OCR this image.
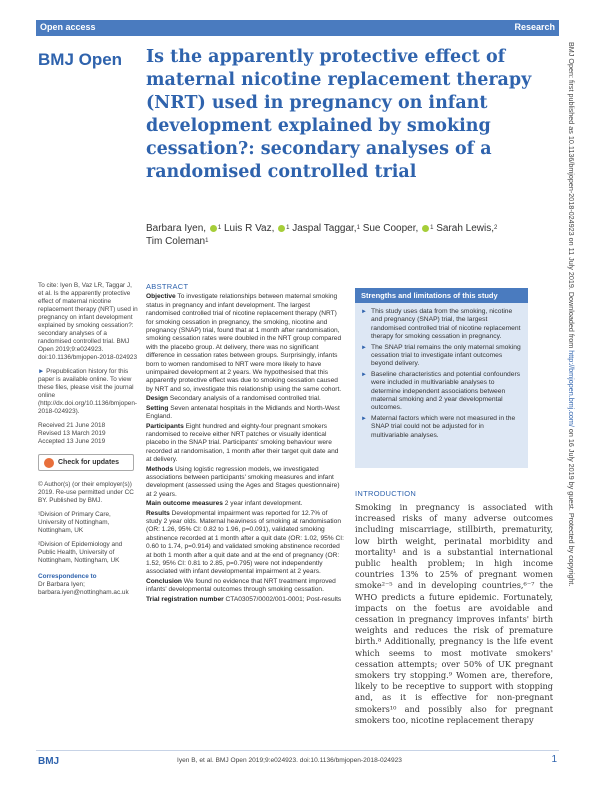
Open access	Research
BMJ Open Is the apparently protective effect of maternal nicotine replacement therapy (NRT) used in pregnancy on infant development explained by smoking cessation?: secondary analyses of a randomised controlled trial
Barbara Iyen, $^1$ Luis R Vaz, $^1$ Jaspal Taggar,$^1$ Sue Cooper, $^1$ Sarah Lewis,$^2$
Tim Coleman$^1$

To cite: Iyen B, Vaz LR, Taggar J, et al. Is the apparently protective effect of maternal nicotine replacement therapy (NRT) used in pregnancy on infant development explained by smoking cessation?: secondary analyses of a randomised controlled trial. BMJ Open 2019;9:e024923. doi:10.1136/bmjopen-2018-024923

► Prepublication history for this paper is available online. To view these files, please visit the journal online (http://dx.doi.org/10.1136/bmjopen-2018-024923).

Received 21 June 2018
Revised 13 March 2019
Accepted 13 June 2019
Check for updates

© Author(s) (or their employer(s)) 2019. Re-use permitted under CC BY. Published by BMJ.

¹Division of Primary Care, University of Nottingham, Nottingham, UK

²Division of Epidemiology and Public Health, University of Nottingham, Nottingham, UK

Correspondence to
Dr Barbara Iyen; barbara.iyen@nottingham.ac.uk
ABSTRACT

Objective To investigate relationships between maternal smoking status in pregnancy and infant development. The largest randomised controlled trial of nicotine replacement therapy (NRT) for smoking cessation in pregnancy, the smoking, nicotine and pregnancy (SNAP) trial, found that at 1 month after randomisation, smoking cessation rates were doubled in the NRT group compared with the placebo group. At delivery, there was no significant difference in cessation rates between groups. Surprisingly, infants born to women randomised to NRT were more likely to have unimpaired development at 2 years. We hypothesised that this apparently protective effect was due to smoking cessation caused by NRT and so, investigate this relationship using the same cohort.

Design Secondary analysis of a randomised controlled trial.

Setting Seven antenatal hospitals in the Midlands and North-West England.

Participants Eight hundred and eighty-four pregnant smokers randomised to receive either NRT patches or visually identical placebo in the SNAP trial. Participants' smoking behaviour were recorded at randomisation, 1 month after their target quit date and at delivery.

Methods Using logistic regression models, we investigated associations between participants' smoking measures and infant development (assessed using the Ages and Stages questionnaire) at 2 years.

Main outcome measures 2 year infant development.

Results Developmental impairment was reported for 12.7% of study 2 year olds. Maternal heaviness of smoking at randomisation (OR: 1.26, 95% CI: 0.82 to 1.96, p=0.091), validated smoking abstinence recorded at 1 month after a quit date (OR: 1.02, 95% CI: 0.60 to 1.74, p=0.914) and validated smoking abstinence recorded at both 1 month after a quit date and at the end of pregnancy (OR: 1.52, 95% CI: 0.81 to 2.85, p=0.795) were not independently associated with infant developmental impairment at 2 years.

Conclusion We found no evidence that NRT treatment improved infants' developmental outcomes through smoking cessation.

Trial registration number CTA03057/0002/001-0001; Post-results

Strengths and limitations of this study
► This study uses data from the smoking, nicotine and pregnancy (SNAP) trial, the largest randomised controlled trial of nicotine replacement therapy for smoking cessation in pregnancy.
► The SNAP trial remains the only maternal smoking cessation trial to investigate infant outcomes beyond delivery.
► Baseline characteristics and potential confounders were included in multivariable analyses to determine independent associations between maternal smoking and 2 year developmental outcomes.
► Maternal factors which were not measured in the SNAP trial could not be adjusted for in multivariable analyses.
INTRODUCTION

Smoking in pregnancy is associated with increased risks of many adverse outcomes including miscarriage, stillbirth, prematurity, low birth weight, perinatal morbidity and mortality¹ and is a substantial international public health problem; in high income countries 13% to 25% of pregnant women smoke²⁻⁵ and in developing countries,⁶⁻⁷ the WHO predicts a future epidemic. Fortunately, impacts on the foetus are avoidable and cessation in pregnancy improves infants' birth weights and reduces the risk of premature birth.⁸ Additionally, pregnancy is the life event which seems to most motivate smokers' cessation attempts; over 50% of UK pregnant smokers try stopping.⁹ Women are, therefore, likely to be receptive to support with stopping and, as it is effective for non-pregnant smokers¹⁰ and possibly also for pregnant smokers too, nicotine replacement therapy

BMJ Open: first published as 10.1136/bmjopen-2018-024923 on 11 July 2019. Downloaded from http://bmjopen.bmj.com/ on 16 July 2019 by guest. Protected by copyright.
BMJ	Iyen B, et al. BMJ Open 2019;9:e024923. doi:10.1136/bmjopen-2018-024923	1
